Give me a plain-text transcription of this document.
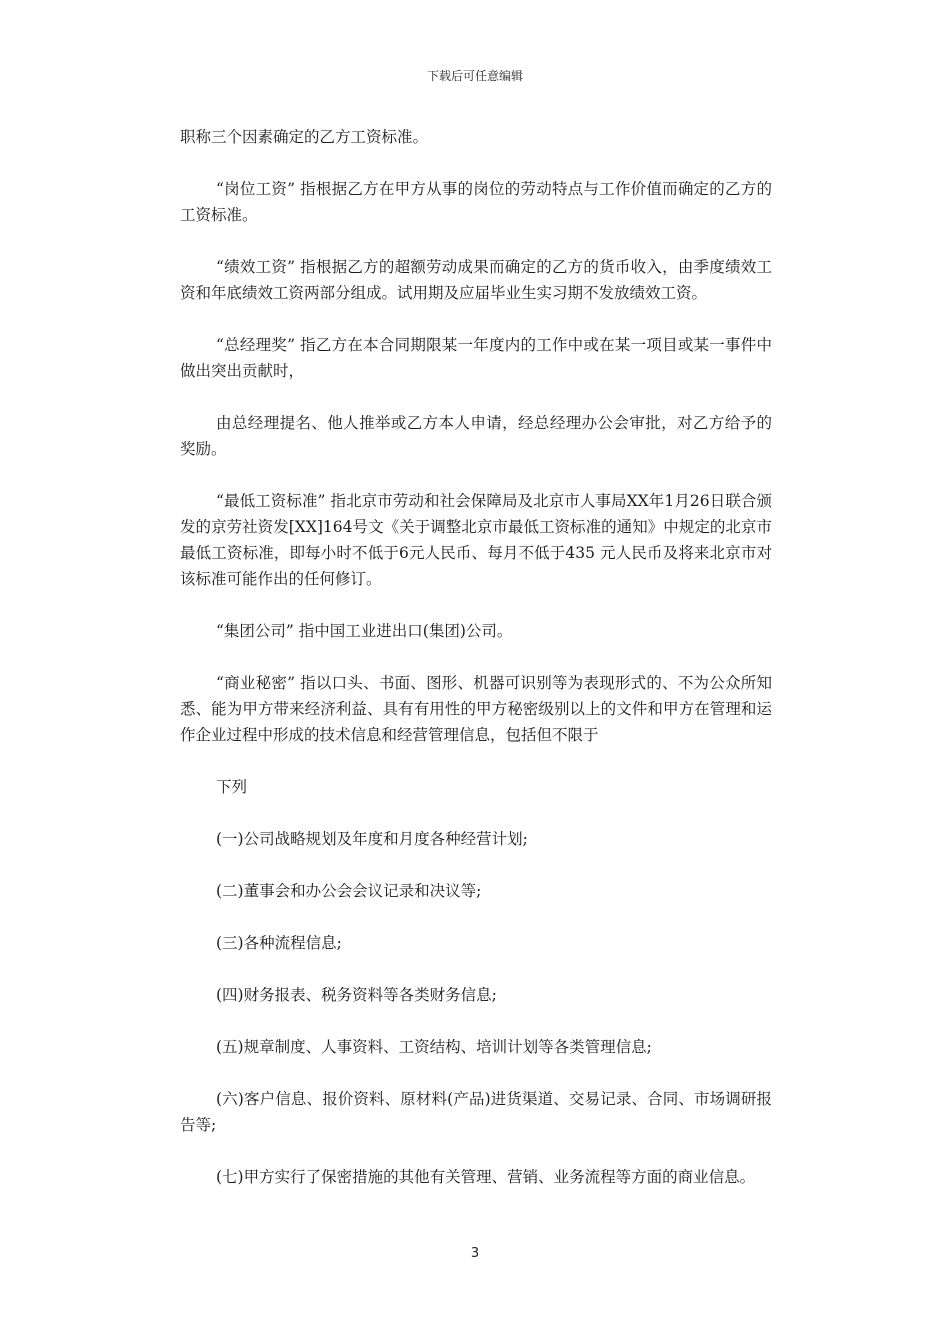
下载后可任意编辑

职称三个因素确定的乙方工资标准。

“岗位工资” 指根据乙方在甲方从事的岗位的劳动特点与工作价值而确定的乙方的工资标准。

“绩效工资” 指根据乙方的超额劳动成果而确定的乙方的货币收入，由季度绩效工资和年底绩效工资两部分组成。试用期及应届毕业生实习期不发放绩效工资。

“总经理奖” 指乙方在本合同期限某一年度内的工作中或在某一项目或某一事件中做出突出贡献时，

由总经理提名、他人推举或乙方本人申请，经总经理办公会审批，对乙方给予的奖励。

“最低工资标准” 指北京市劳动和社会保障局及北京市人事局XX年1月26日联合颁发的京劳社资发[XX]164号文《关于调整北京市最低工资标准的通知》中规定的北京市最低工资标准，即每小时不低于6元人民币、每月不低于435 元人民币及将来北京市对该标准可能作出的任何修订。

“集团公司” 指中国工业进出口(集团)公司。

“商业秘密” 指以口头、书面、图形、机器可识别等为表现形式的、不为公众所知悉、能为甲方带来经济利益、具有有用性的甲方秘密级别以上的文件和甲方在管理和运作企业过程中形成的技术信息和经营管理信息，包括但不限于

下列

(一)公司战略规划及年度和月度各种经营计划;

(二)董事会和办公会会议记录和决议等;

(三)各种流程信息;

(四)财务报表、税务资料等各类财务信息;

(五)规章制度、人事资料、工资结构、培训计划等各类管理信息;

(六)客户信息、报价资料、原材料(产品)进货渠道、交易记录、合同、市场调研报告等;

(七)甲方实行了保密措施的其他有关管理、营销、业务流程等方面的商业信息。

3
